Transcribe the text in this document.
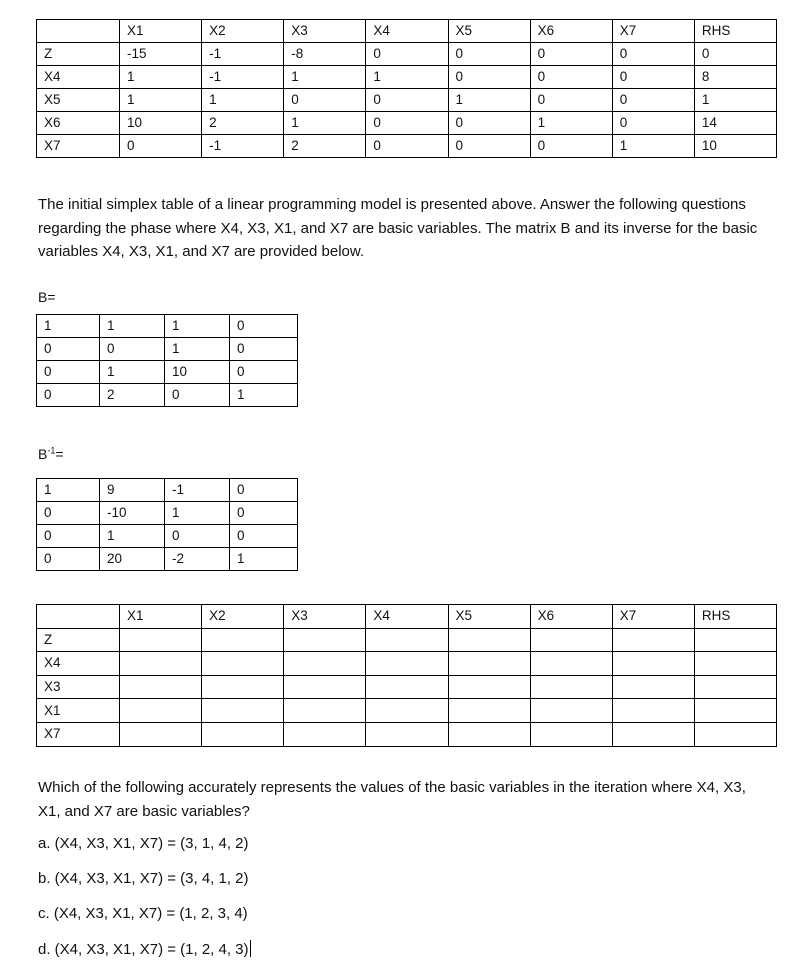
	X1	X2	X3	X4	X5	X6	X7	RHS
Z	-15	-1	-8	0	0	0	0	0
X4	1	-1	1	1	0	0	0	8
X5	1	1	0	0	1	0	0	1
X6	10	2	1	0	0	1	0	14
X7	0	-1	2	0	0	0	1	10

The initial simplex table of a linear programming model is presented above. Answer the following questions regarding the phase where X4, X3, X1, and X7 are basic variables. The matrix B and its inverse for the basic variables X4, X3, X1, and X7 are provided below.

B=

1	1	1	0
0	0	1	0
0	1	10	0
0	2	0	1

$B^{-1}=$

1	9	-1	0
0	-10	1	0
0	1	0	0
0	20	-2	1
	X1	X2	X3	X4	X5	X6	X7	RHS
Z								
X4								
X3								
X1								
X7								

Which of the following accurately represents the values of the basic variables in the iteration where X4, X3, X1, and X7 are basic variables?

a. (X4, X3, X1, X7) = (3, 1, 4, 2)

b. (X4, X3, X1, X7) = (3, 4, 1, 2)

c. (X4, X3, X1, X7) = (1, 2, 3, 4)

d. (X4, X3, X1, X7) = (1, 2, 4, 3)
